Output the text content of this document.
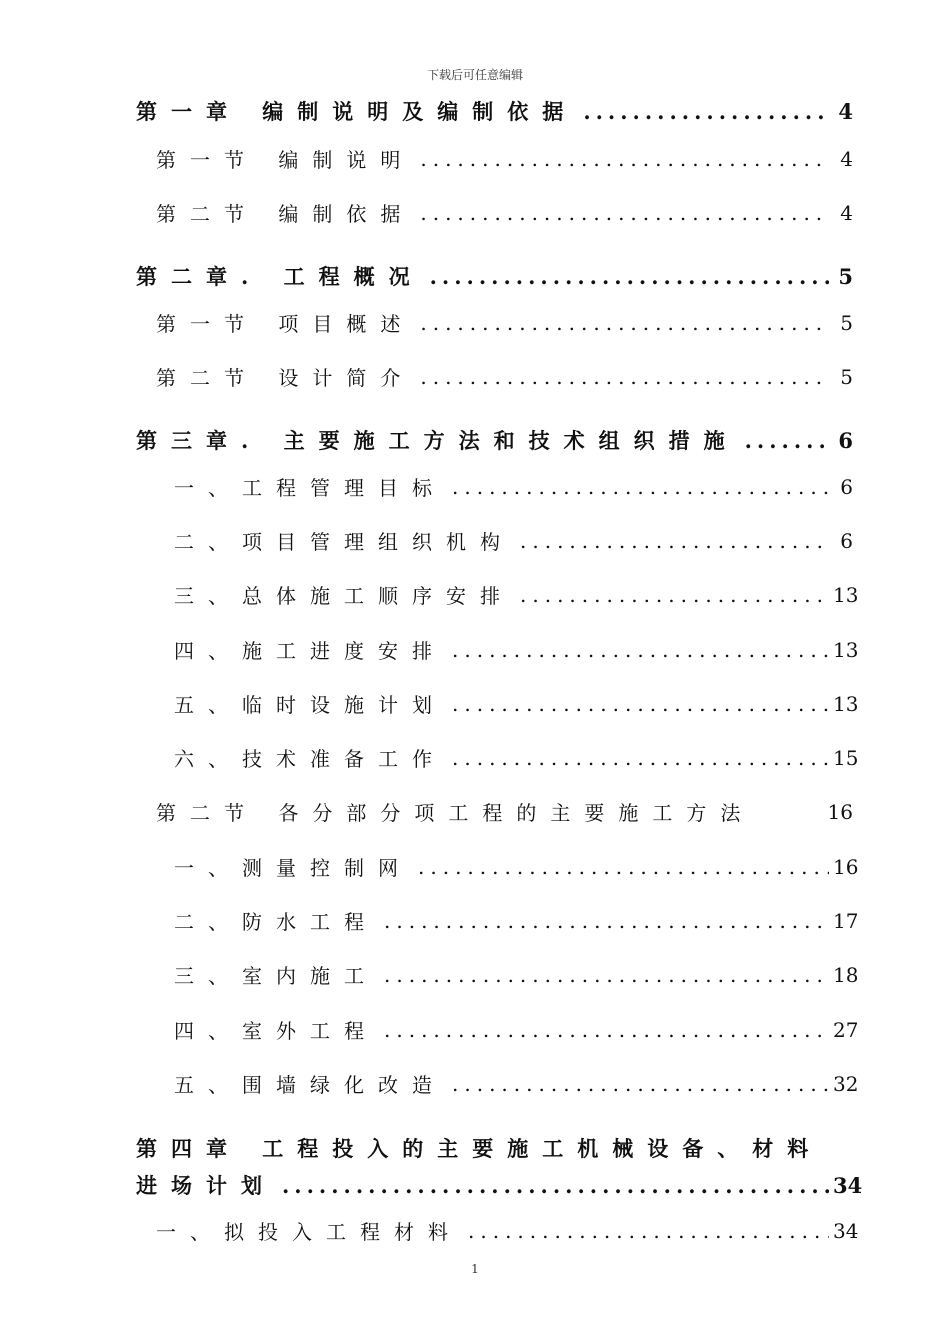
下载后可任意编辑
第一章 编制说明及编制依据 .....	4
第一节 编制说明 .....	4
第二节 编制依据 .....	4
第二章. 工程概况 .....	5
第一节 项目概述 .....	5
第二节 设计简介 .....	5
第三章. 主要施工方法和技术组织措施 .....	6
一、工程管理目标 .....	6
二、项目管理组织机构 .....	6
三、总体施工顺序安排 .....	13
四、施工进度安排 .....	13
五、临时设施计划 .....	13
六、技术准备工作 .....	15
第二节 各分部分项工程的主要施工方法	16
一、测量控制网 .....	16
二、防水工程 .....	17
三、室内施工 .....	18
四、室外工程 .....	27
五、围墙绿化改造 .....	32
第四章 工程投入的主要施工机械设备、材料
进场计划 .....	34
一、拟投入工程材料 .....	34
1
